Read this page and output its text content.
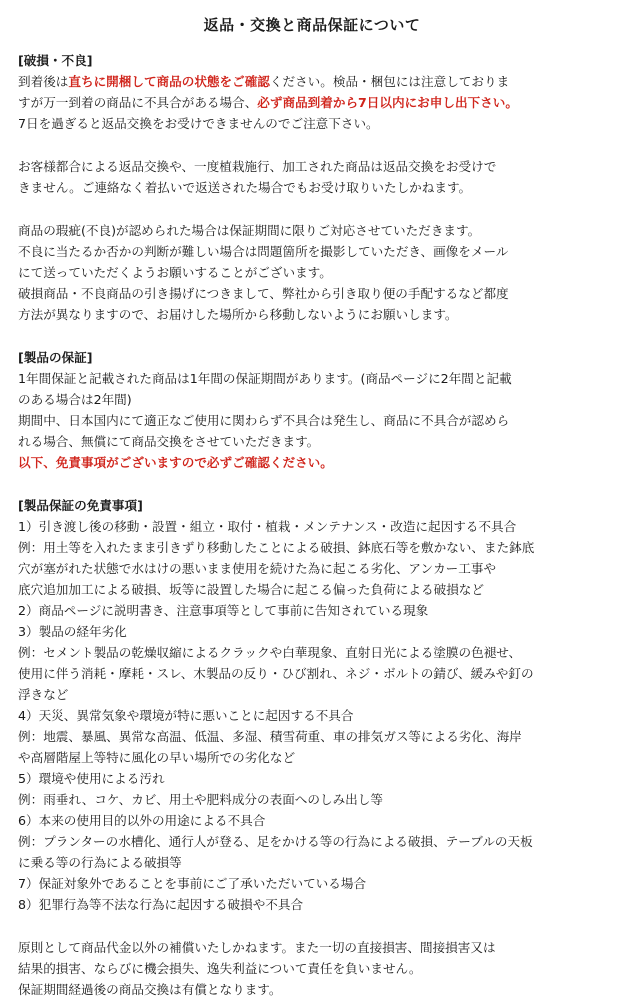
返品・交換と商品保証について
[破損・不良]
到着後は直ちに開梱して商品の状態をご確認ください。検品・梱包には注意しておりま
すが万一到着の商品に不具合がある場合、必ず商品到着から7日以内にお申し出下さい。
7日を過ぎると返品交換をお受けできませんのでご注意下さい。
お客様都合による返品交換や、一度植栽施行、加工された商品は返品交換をお受けで
きません。ご連絡なく着払いで返送された場合でもお受け取りいたしかねます。
商品の瑕疵(不良)が認められた場合は保証期間に限りご対応させていただきます。
不良に当たるか否かの判断が難しい場合は問題箇所を撮影していただき、画像をメール
にて送っていただくようお願いすることがございます。
破損商品・不良商品の引き揚げにつきまして、弊社から引き取り便の手配するなど都度
方法が異なりますので、お届けした場所から移動しないようにお願いします。
[製品の保証]
1年間保証と記載された商品は1年間の保証期間があります。(商品ページに2年間と記載
のある場合は2年間)
期間中、日本国内にて適正なご使用に関わらず不具合は発生し、商品に不具合が認めら
れる場合、無償にて商品交換をさせていただきます。
以下、免責事項がございますので必ずご確認ください。
[製品保証の免責事項]
1）引き渡し後の移動・設置・組立・取付・植栽・メンテナンス・改造に起因する不具合
例：用土等を入れたまま引きずり移動したことによる破損、鉢底石等を敷かない、また鉢底
穴が塞がれた状態で水はけの悪いまま使用を続けた為に起こる劣化、アンカー工事や
底穴追加加工による破損、坂等に設置した場合に起こる偏った負荷による破損など
2）商品ページに説明書き、注意事項等として事前に告知されている現象
3）製品の経年劣化
例：セメント製品の乾燥収縮によるクラックや白華現象、直射日光による塗膜の色褪せ、
使用に伴う消耗・摩耗・スレ、木製品の反り・ひび割れ、ネジ・ボルトの錆び、緩みや釘の
浮きなど
4）天災、異常気象や環境が特に悪いことに起因する不具合
例：地震、暴風、異常な高温、低温、多湿、積雪荷重、車の排気ガス等による劣化、海岸
や高層階屋上等特に風化の早い場所での劣化など
5）環境や使用による汚れ
例：雨垂れ、コケ、カビ、用土や肥料成分の表面へのしみ出し等
6）本来の使用目的以外の用途による不具合
例：プランターの水槽化、通行人が登る、足をかける等の行為による破損、テーブルの天板
に乗る等の行為による破損等
7）保証対象外であることを事前にご了承いただいている場合
8）犯罪行為等不法な行為に起因する破損や不具合
原則として商品代金以外の補償いたしかねます。また一切の直接損害、間接損害又は
結果的損害、ならびに機会損失、逸失利益について責任を負いません。
保証期間経過後の商品交換は有償となります。
